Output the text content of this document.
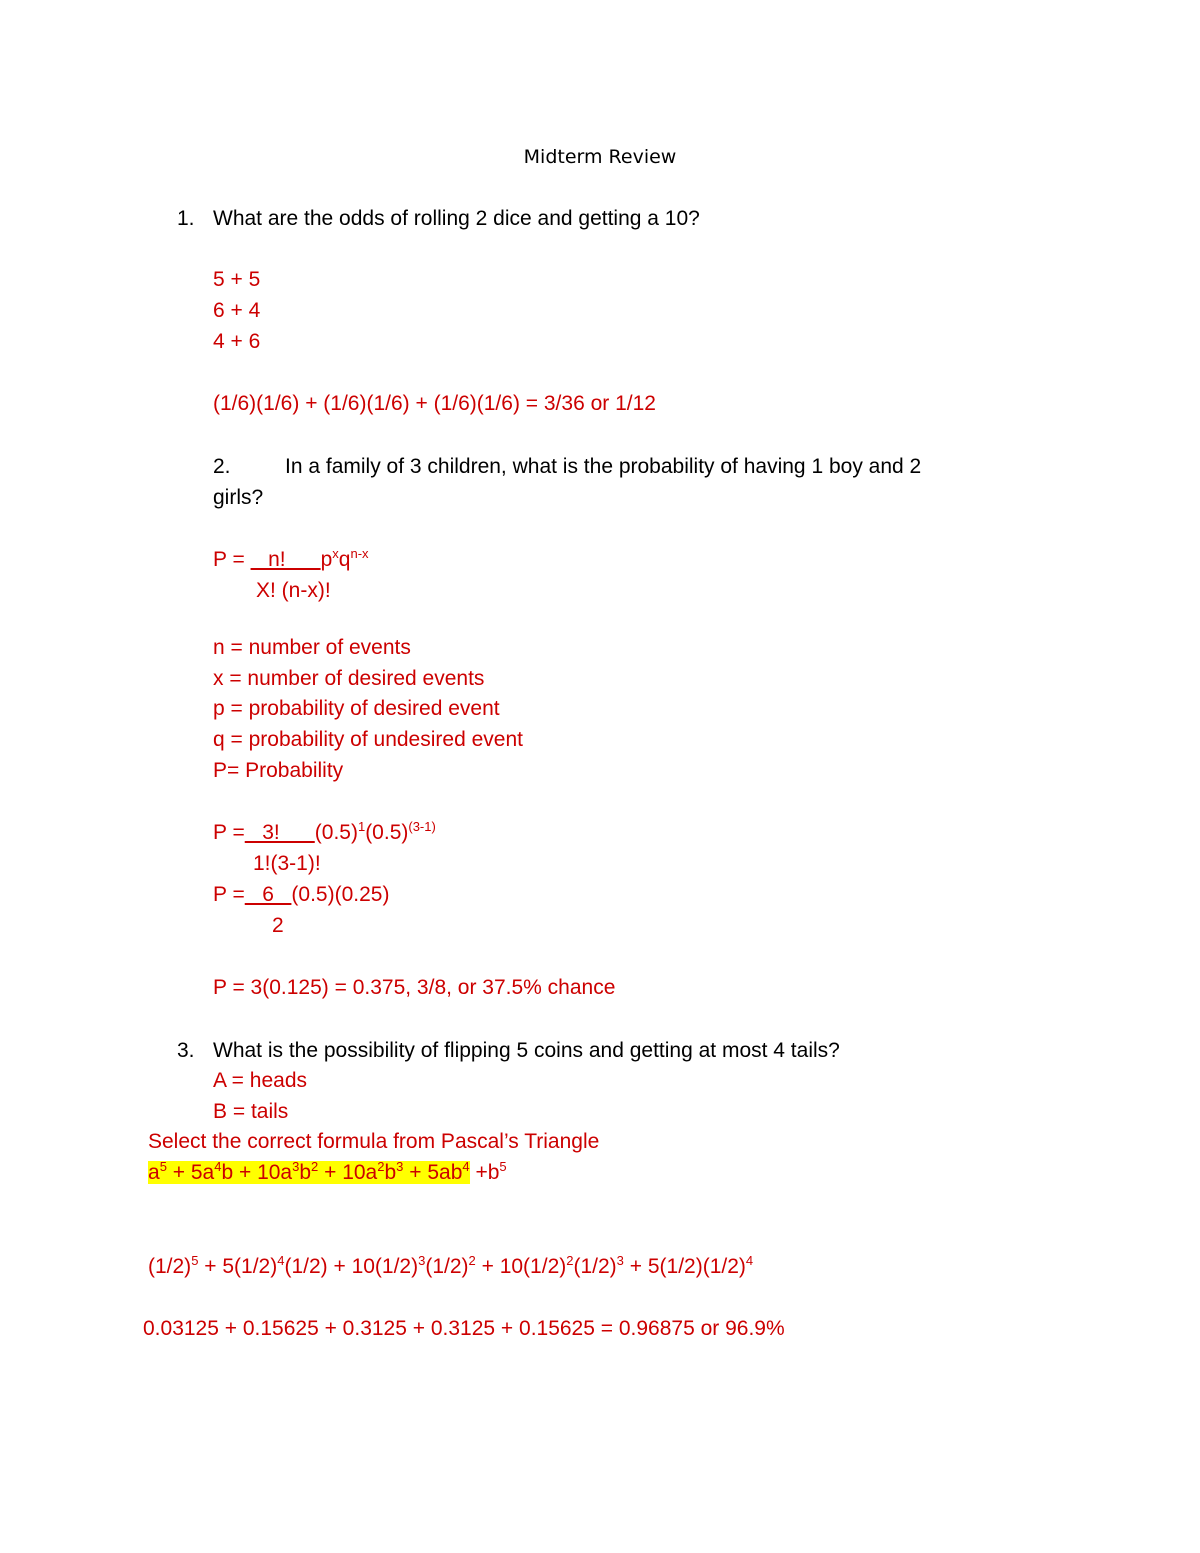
Midterm Review

1. What are the odds of rolling 2 dice and getting a 10?

5 + 5

6 + 4

4 + 6

(1/6)(1/6) + (1/6)(1/6) + (1/6)(1/6) = 3/36 or 1/12

2.	In a family of 3 children, what is the probability of having 1 boy and 2

girls?

P =    n!      $p^xq^{n-x}$

X! (n-x)!

n = number of events

x = number of desired events

p = probability of desired event

q = probability of undesired event

P= Probability

P =   3!      $(0.5)^1(0.5)^{(3-1)}$

1!(3-1)!

P =   6   (0.5)(0.25)

2

P = 3(0.125) = 0.375, 3/8, or 37.5% chance

3. What is the possibility of flipping 5 coins and getting at most 4 tails?

A = heads

B = tails

Select the correct formula from Pascal’s Triangle

$a^5 + 5a^4b + 10a^3b^2 + 10a^2b^3 + 5ab^4 +b^5$

$(1/2)^5 + 5(1/2)^4(1/2) + 10(1/2)^3(1/2)^2 + 10(1/2)^2(1/2)^3 + 5(1/2)(1/2)^4$

0.03125 + 0.15625 + 0.3125 + 0.3125 + 0.15625 = 0.96875 or 96.9%
